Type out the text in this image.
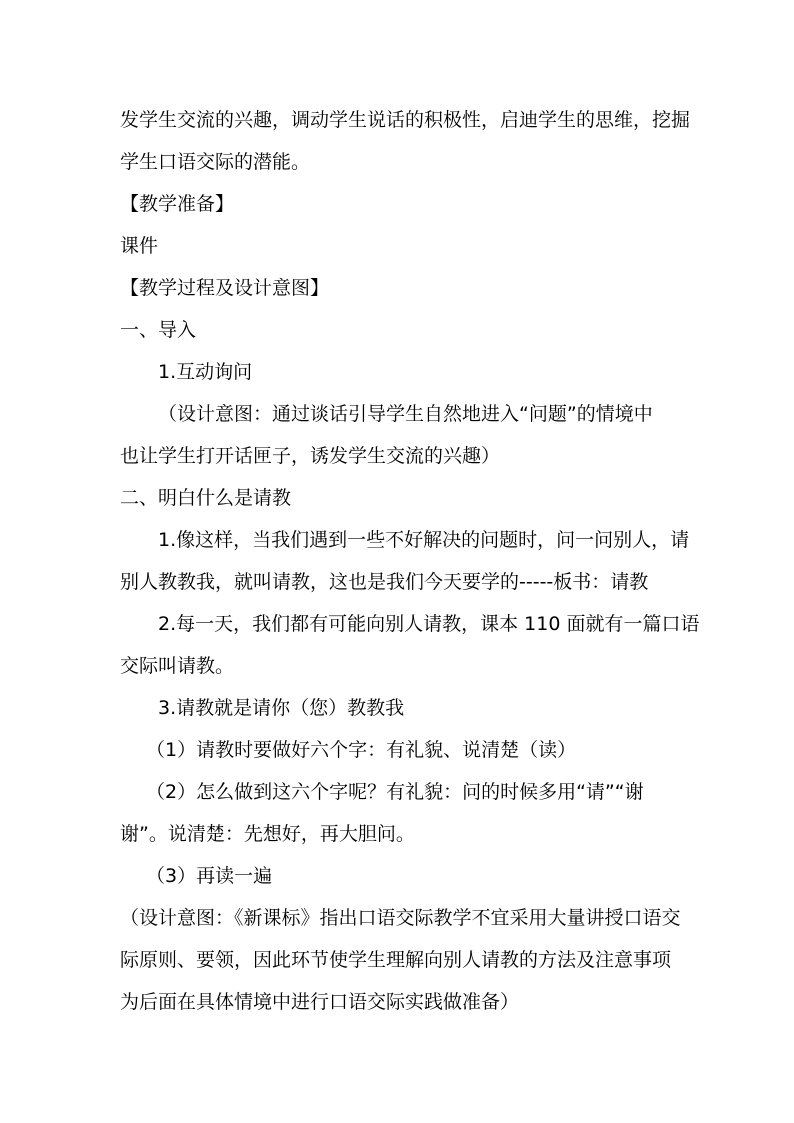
发学生交流的兴趣，调动学生说话的积极性，启迪学生的思维，挖掘
学生口语交际的潜能。
【教学准备】
课件
【教学过程及设计意图】
一、导入
1.互动询问
（设计意图：通过谈话引导学生自然地进入“问题”的情境中
也让学生打开话匣子，诱发学生交流的兴趣）
二、明白什么是请教
1.像这样，当我们遇到一些不好解决的问题时，问一问别人，请
别人教教我，就叫请教，这也是我们今天要学的-----板书：请教
2.每一天，我们都有可能向别人请教，课本 110 面就有一篇口语
交际叫请教。
3.请教就是请你（您）教教我
（1）请教时要做好六个字：有礼貌、说清楚（读）
（2）怎么做到这六个字呢？有礼貌：问的时候多用“请”“谢
谢”。说清楚：先想好，再大胆问。
（3）再读一遍
（设计意图：《新课标》指出口语交际教学不宜采用大量讲授口语交
际原则、要领，因此环节使学生理解向别人请教的方法及注意事项
为后面在具体情境中进行口语交际实践做准备）
